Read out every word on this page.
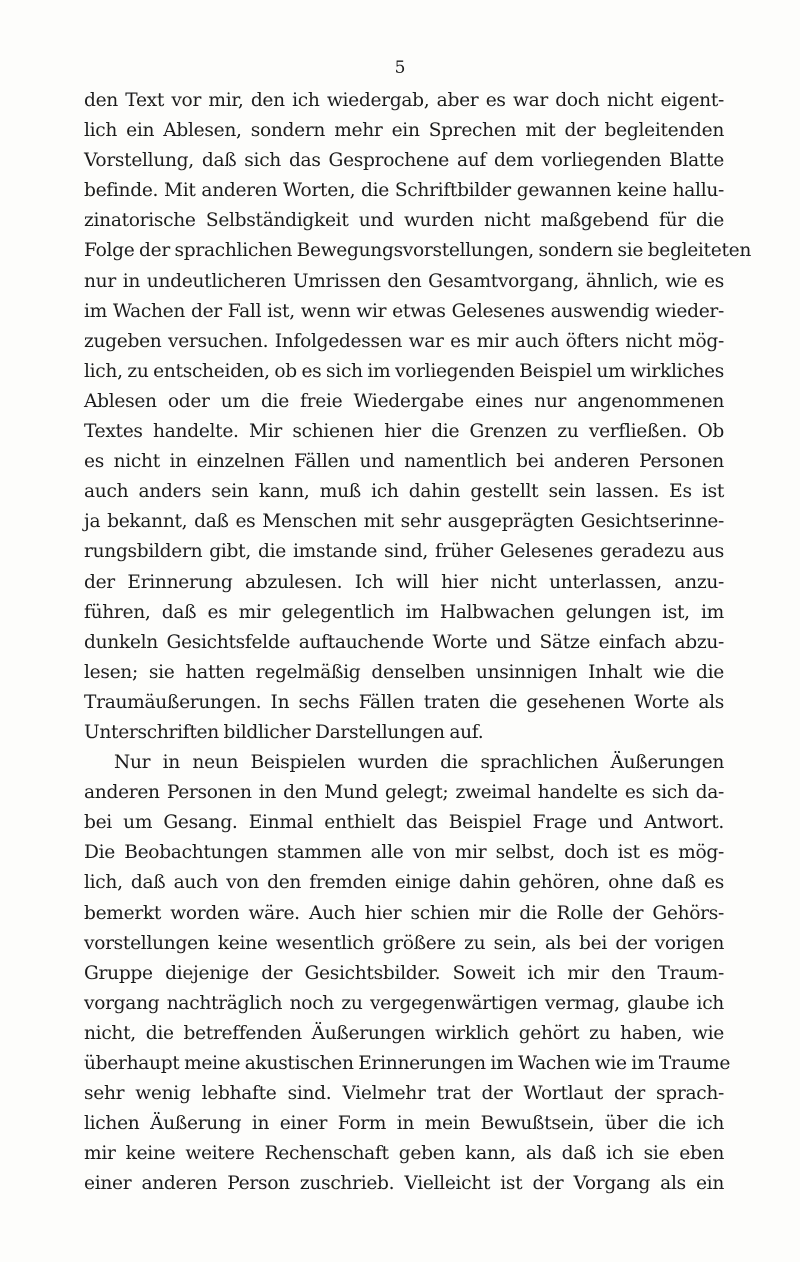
5
den Text vor mir, den ich wiedergab, aber es war doch nicht eigent-
lich ein Ablesen, sondern mehr ein Sprechen mit der begleitenden
Vorstellung, daß sich das Gesprochene auf dem vorliegenden Blatte
befinde. Mit anderen Worten, die Schriftbilder gewannen keine hallu-
zinatorische Selbständigkeit und wurden nicht maßgebend für die
Folge der sprachlichen Bewegungsvorstellungen, sondern sie begleiteten
nur in undeutlicheren Umrissen den Gesamtvorgang, ähnlich, wie es
im Wachen der Fall ist, wenn wir etwas Gelesenes auswendig wieder-
zugeben versuchen. Infolgedessen war es mir auch öfters nicht mög-
lich, zu entscheiden, ob es sich im vorliegenden Beispiel um wirkliches
Ablesen oder um die freie Wiedergabe eines nur angenommenen
Textes handelte. Mir schienen hier die Grenzen zu verfließen. Ob
es nicht in einzelnen Fällen und namentlich bei anderen Personen
auch anders sein kann, muß ich dahin gestellt sein lassen. Es ist
ja bekannt, daß es Menschen mit sehr ausgeprägten Gesichtserinne-
rungsbildern gibt, die imstande sind, früher Gelesenes geradezu aus
der Erinnerung abzulesen. Ich will hier nicht unterlassen, anzu-
führen, daß es mir gelegentlich im Halbwachen gelungen ist, im
dunkeln Gesichtsfelde auftauchende Worte und Sätze einfach abzu-
lesen; sie hatten regelmäßig denselben unsinnigen Inhalt wie die
Traumäußerungen. In sechs Fällen traten die gesehenen Worte als
Unterschriften bildlicher Darstellungen auf.
Nur in neun Beispielen wurden die sprachlichen Äußerungen
anderen Personen in den Mund gelegt; zweimal handelte es sich da-
bei um Gesang. Einmal enthielt das Beispiel Frage und Antwort.
Die Beobachtungen stammen alle von mir selbst, doch ist es mög-
lich, daß auch von den fremden einige dahin gehören, ohne daß es
bemerkt worden wäre. Auch hier schien mir die Rolle der Gehörs-
vorstellungen keine wesentlich größere zu sein, als bei der vorigen
Gruppe diejenige der Gesichtsbilder. Soweit ich mir den Traum-
vorgang nachträglich noch zu vergegenwärtigen vermag, glaube ich
nicht, die betreffenden Äußerungen wirklich gehört zu haben, wie
überhaupt meine akustischen Erinnerungen im Wachen wie im Traume
sehr wenig lebhafte sind. Vielmehr trat der Wortlaut der sprach-
lichen Äußerung in einer Form in mein Bewußtsein, über die ich
mir keine weitere Rechenschaft geben kann, als daß ich sie eben
einer anderen Person zuschrieb. Vielleicht ist der Vorgang als ein
